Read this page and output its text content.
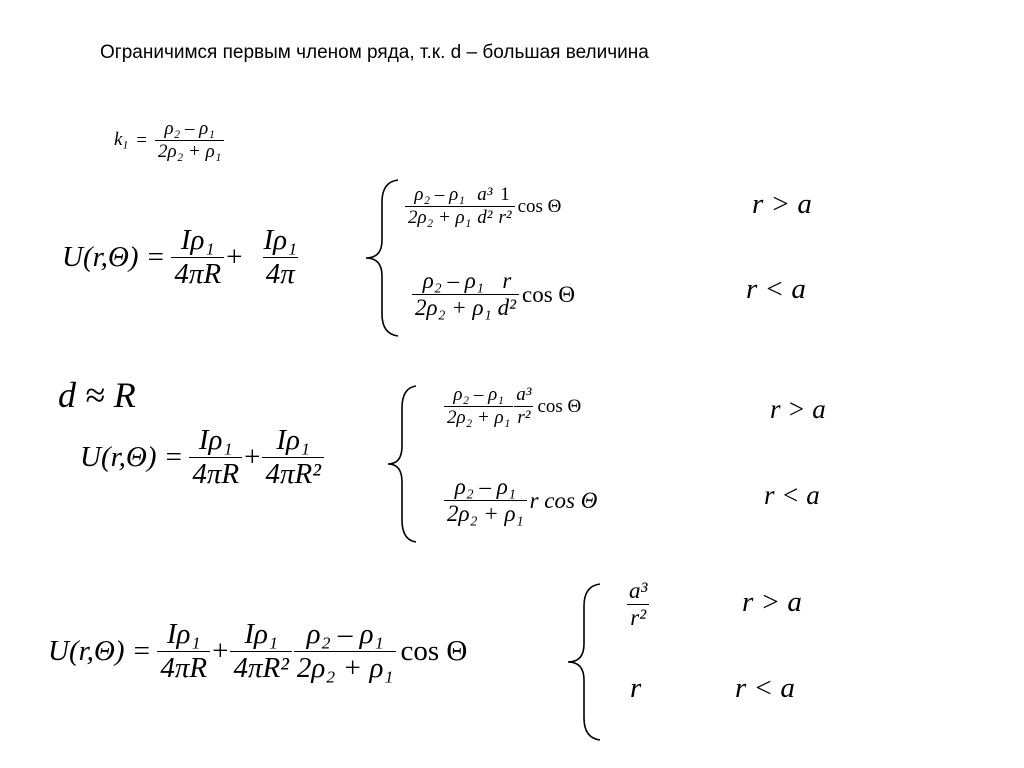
Ограничимся первым членом ряда, т.к. d – большая величина
$k_1 = \frac{\text{ρ₂ – ρ₁}}{\text{2ρ₂ + ρ₁}}$
$U(r,\Theta) = \frac{\text{Iρ₁}}{4\pi R} + \frac{\text{Iρ₁}}{4\pi}$
$\frac{\text{ρ₂ – ρ₁}}{\text{2ρ₂ + ρ₁}} \frac{\text{a³}}{\text{d²}} \frac{1}{\text{r²}}$ cos Θ	r > a
$\frac{\text{ρ₂ – ρ₁}}{\text{2ρ₂ + ρ₁}} \frac{r}{\text{d²}}$ cos Θ	r < a
d ≈ R
$U(r,\Theta) = \frac{\text{Iρ₁}}{4\pi R} + \frac{\text{Iρ₁}}{\text{4πR²}}$
$\frac{\text{ρ₂ – ρ₁}}{\text{2ρ₂ + ρ₁}} \frac{\text{a³}}{\text{r²}}$ cos Θ	r > a
$\frac{\text{ρ₂ – ρ₁}}{\text{2ρ₂ + ρ₁}}$ r cos Θ	r < a
$U(r,\Theta) = \frac{\text{Iρ₁}}{4\pi R} + \frac{\text{Iρ₁}}{\text{4πR²}} \frac{\text{ρ₂ – ρ₁}}{\text{2ρ₂ + ρ₁}}$ cos Θ
$\frac{\text{a³}}{\text{r²}}$	r > a
r	r < a
